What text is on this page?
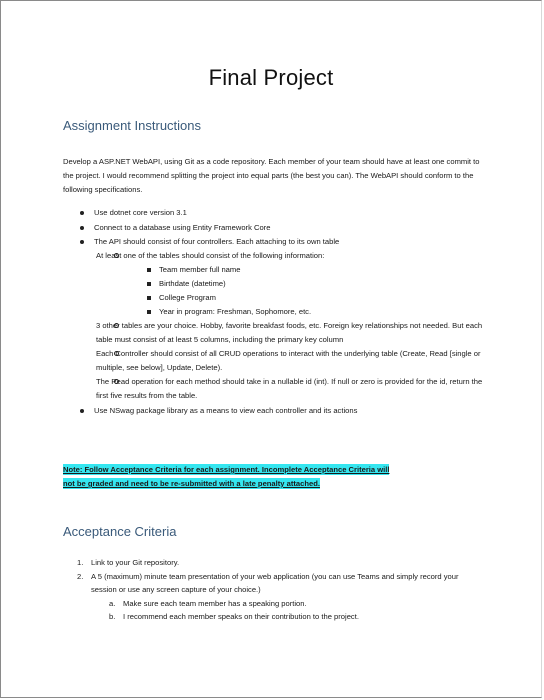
Final Project
Assignment Instructions

Develop a ASP.NET WebAPI, using Git as a code repository. Each member of your team should have at least one commit to the project. I would recommend splitting the project into equal parts (the best you can). The WebAPI should conform to the following specifications.

Use dotnet core version 3.1
Connect to a database using Entity Framework Core
The API should consist of four controllers. Each attaching to its own table
At least one of the tables should consist of the following information:
Team member full name
Birthdate (datetime)
College Program
Year in program: Freshman, Sophomore, etc.
3 other tables are your choice. Hobby, favorite breakfast foods, etc. Foreign key relationships not needed. But each table must consist of at least 5 columns, including the primary key column
Each Controller should consist of all CRUD operations to interact with the underlying table (Create, Read [single or multiple, see below], Update, Delete).
The Read operation for each method should take in a nullable id (int). If null or zero is provided for the id, return the first five results from the table.
Use NSwag package library as a means to view each controller and its actions

Note: Follow Acceptance Criteria for each assignment. Incomplete Acceptance Criteria will
not be graded and need to be re-submitted with a late penalty attached.

Acceptance Criteria
1. Link to your Git repository.
2. A 5 (maximum) minute team presentation of your web application (you can use Teams and simply record your session or use any screen capture of your choice.)
a. Make sure each team member has a speaking portion.
b. I recommend each member speaks on their contribution to the project.
